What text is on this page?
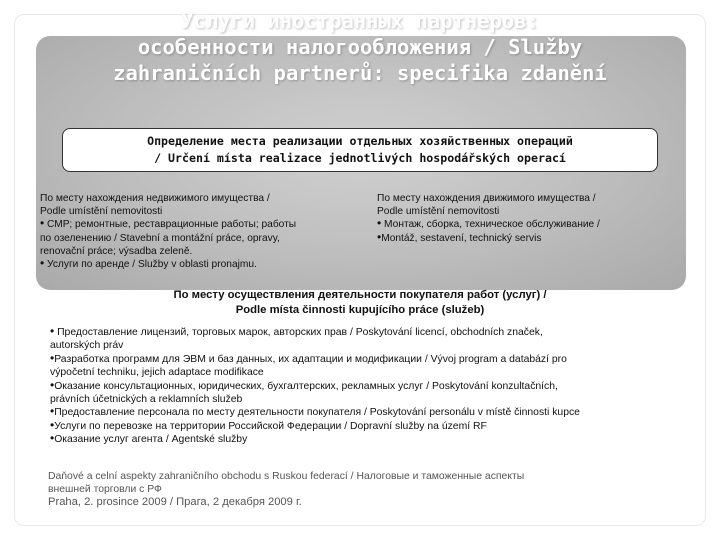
Услуги иностранных партнеров:
особенности налогообложения / Služby
zahraničních partnerů: specifika zdanění
Определение места реализации отдельных хозяйственных операций
/ Určení místa realizace jednotlivých hospodářských operací
По месту нахождения недвижимого имущества /
Podle umístění nemovitosti
• СМР; ремонтные, реставрационные работы; работы
по озеленению / Stavební a montážní práce, opravy,
renovační práce; výsadba zeleně.
• Услуги по аренде / Služby v oblasti pronajmu.
По месту нахождения движимого имущества /
Podle umístění nemovitosti
• Монтаж, сборка, техническое обслуживание /
•Montáž, sestavení, technický servis
По месту осуществления деятельности покупателя работ (услуг) /
Podle místa činnosti kupujícího práce (služeb)
• Предоставление лицензий, торговых марок, авторских прав / Poskytování licencí, obchodních značek,
autorských práv
•Разработка программ для ЭВМ и баз данных, их адаптации и модификации / Vývoj program a databází pro
výpočetní techniku, jejich adaptace modifikace
•Оказание консультационных, юридических, бухгалтерских, рекламных услуг / Poskytování konzultačních,
právních účetnických a reklamních služeb
•Предоставление персонала по месту деятельности покупателя / Poskytování personálu v místě činnosti kupce
•Услуги по перевозке на территории Российской Федерации / Dopravní služby na území RF
•Оказание услуг агента / Agentské služby
Daňové a celní aspekty zahraničního obchodu s Ruskou federací / Налоговые и таможенные аспекты
внешней торговли с РФ
Praha, 2. prosince 2009 / Прага, 2 декабря 2009 г.
